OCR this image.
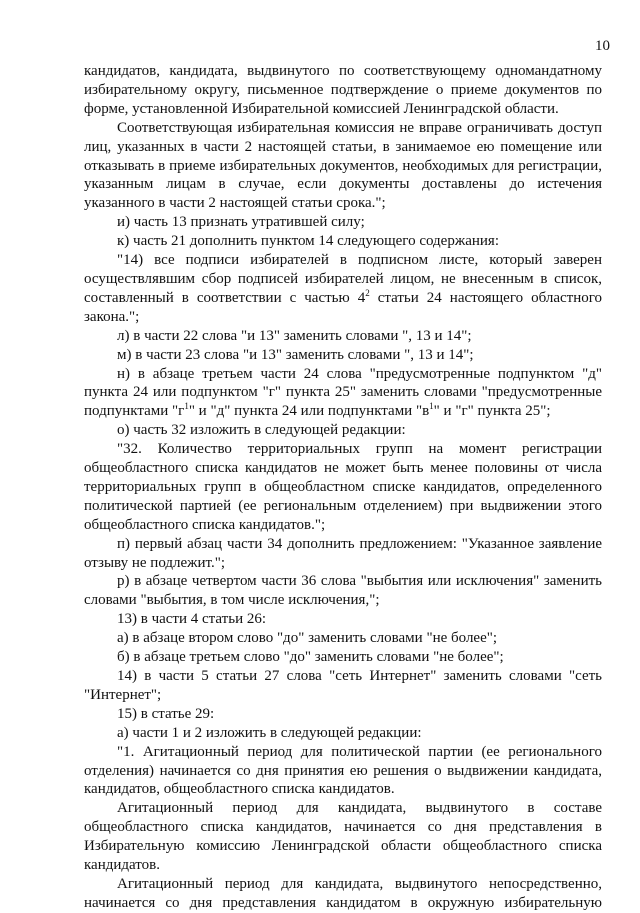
10

кандидатов, кандидата, выдвинутого по соответствующему одномандатному избирательному округу, письменное подтверждение о приеме документов по форме, установленной Избирательной комиссией Ленинградской области.

Соответствующая избирательная комиссия не вправе ограничивать доступ лиц, указанных в части 2 настоящей статьи, в занимаемое ею помещение или отказывать в приеме избирательных документов, необходимых для регистрации, указанным лицам в случае, если документы доставлены до истечения указанного в части 2 настоящей статьи срока.";

и) часть 13 признать утратившей силу;

к) часть 21 дополнить пунктом 14 следующего содержания:

"14) все подписи избирателей в подписном листе, который заверен осуществлявшим сбор подписей избирателей лицом, не внесенным в список, составленный в соответствии с частью $4^2$ статьи 24 настоящего областного закона.";

л) в части 22 слова "и 13" заменить словами ", 13 и 14";

м) в части 23 слова "и 13" заменить словами ", 13 и 14";

н) в абзаце третьем части 24 слова "предусмотренные подпунктом "д" пункта 24 или подпунктом "г" пункта 25" заменить словами "предусмотренные подпунктами "$г^1$" и "д" пункта 24 или подпунктами "$в^1$" и "г" пункта 25";

о) часть 32 изложить в следующей редакции:

"32. Количество территориальных групп на момент регистрации общеобластного списка кандидатов не может быть менее половины от числа территориальных групп в общеобластном списке кандидатов, определенного политической партией (ее региональным отделением) при выдвижении этого общеобластного списка кандидатов.";

п) первый абзац части 34 дополнить предложением: "Указанное заявление отзыву не подлежит.";

р) в абзаце четвертом части 36 слова "выбытия или исключения" заменить словами "выбытия, в том числе исключения,";

13) в части 4 статьи 26:

а) в абзаце втором слово "до" заменить словами "не более";

б) в абзаце третьем слово "до" заменить словами "не более";

14) в части 5 статьи 27 слова "сеть Интернет" заменить словами "сеть "Интернет";

15) в статье 29:

а) части 1 и 2 изложить в следующей редакции:

"1. Агитационный период для политической партии (ее регионального отделения) начинается со дня принятия ею решения о выдвижении кандидата, кандидатов, общеобластного списка кандидатов.

Агитационный период для кандидата, выдвинутого в составе общеобластного списка кандидатов, начинается со дня представления в Избирательную комиссию Ленинградской области общеобластного списка кандидатов.

Агитационный период для кандидата, выдвинутого непосредственно, начинается со дня представления кандидатом в окружную избирательную
